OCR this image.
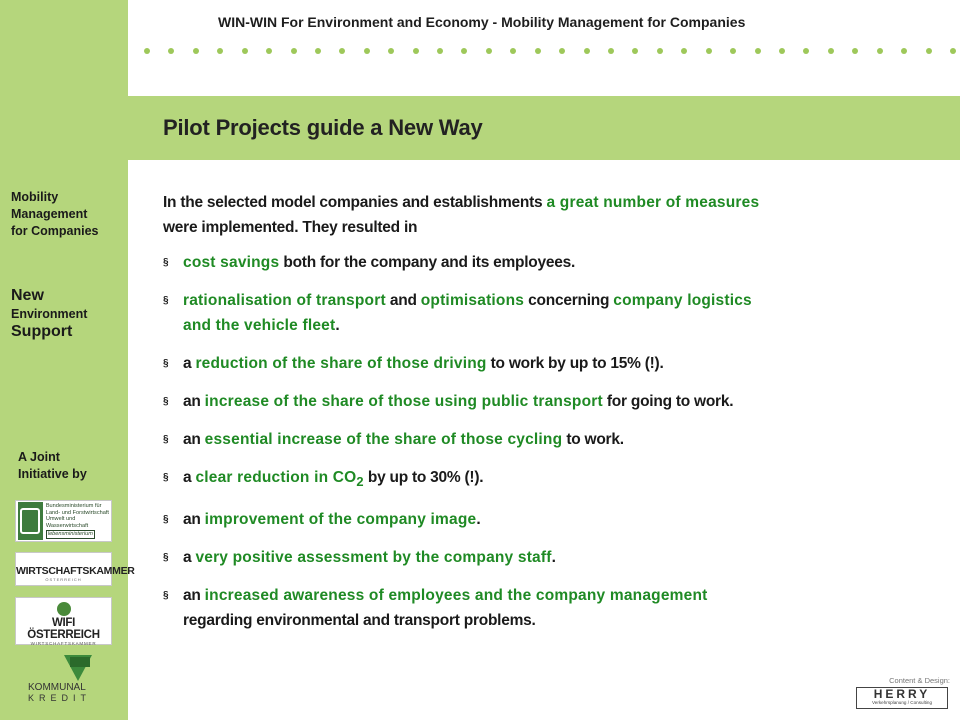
Mobility
Management
for Companies
New
Environment
Support
A Joint
Initiative by
Bundesministerium für
Land- und Forstwirtschaft
Umwelt und Wasserwirtschaft
lebensministerium
WIRTSCHAFTSKAMMER
ÖSTERREICH
WIFI ÖSTERREICH
WIRTSCHAFTSKAMMER
KOMMUNAL
KREDIT
WIN-WIN For Environment and Economy - Mobility Management for Companies
Pilot Projects guide a New Way
In the selected model companies and establishments a great number of measures
were implemented. They resulted in
§ cost savings both for the company and its employees.
§ rationalisation of transport and optimisations concerning company logistics
and the vehicle fleet.
§ a reduction of the share of those driving to work by up to 15% (!).
§ an increase of the share of those using public transport for going to work.
§ an essential increase of the share of those cycling to work.
§ a clear reduction in $CO_2$ by up to 30% (!).
§ an improvement of the company image.
§ a very positive assessment by the company staff.
§ an increased awareness of employees and the company management
regarding environmental and transport problems.
Content & Design:
HERRY
Verkehrsplanung / Consulting
